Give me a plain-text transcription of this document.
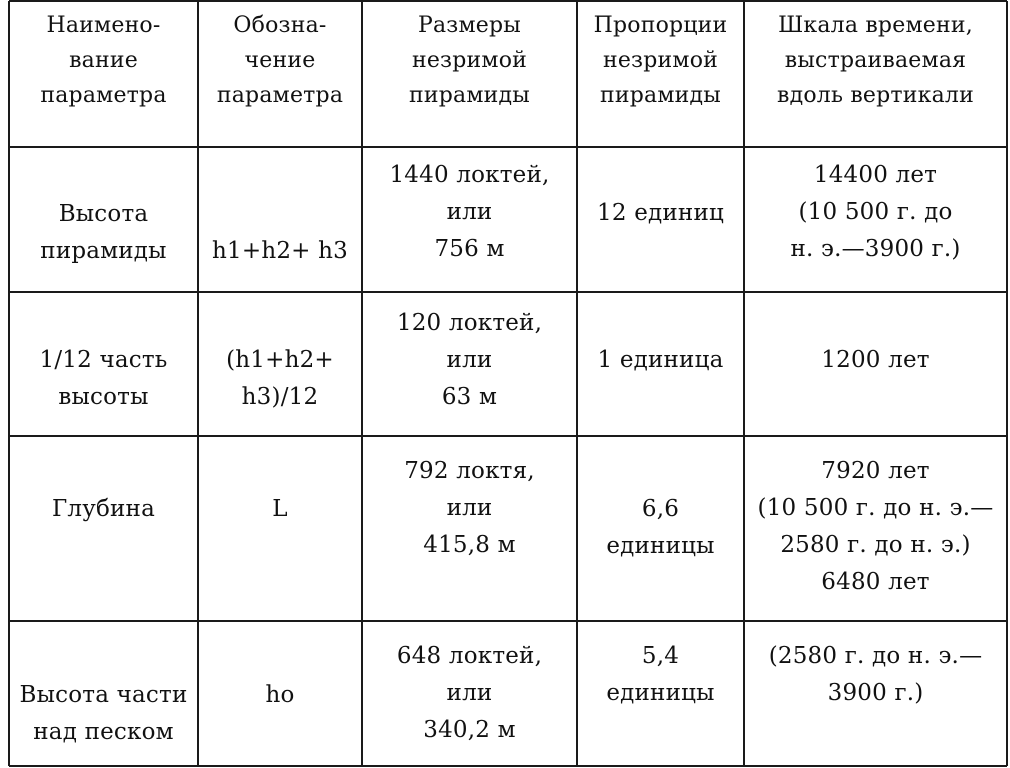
Наимено-
вание
параметра
Обозна-
чение
параметра
Размеры
незримой
пирамиды
Пропорции
незримой
пирамиды
Шкала времени,
выстраиваемая
вдоль вертикали
Высота
пирамиды h1+h2+ h3
1440 локтей,
или
756 м
12 единиц
14400 лет
(10 500 г. до
н. э.—3900 г.)
1/12 часть
высоты
(h1+h2+
h3)/12
120 локтей,
или
63 м
1 единица	1200 лет
Глубина	L
792 локтя,
или
415,8 м
6,6
единицы
7920 лет
(10 500 г. до н. э.—
2580 г. до н. э.)
6480 лет
Высота части
над песком
ho
648 локтей,
или
340,2 м
5,4
единицы
(2580 г. до н. э.—
3900 г.)
